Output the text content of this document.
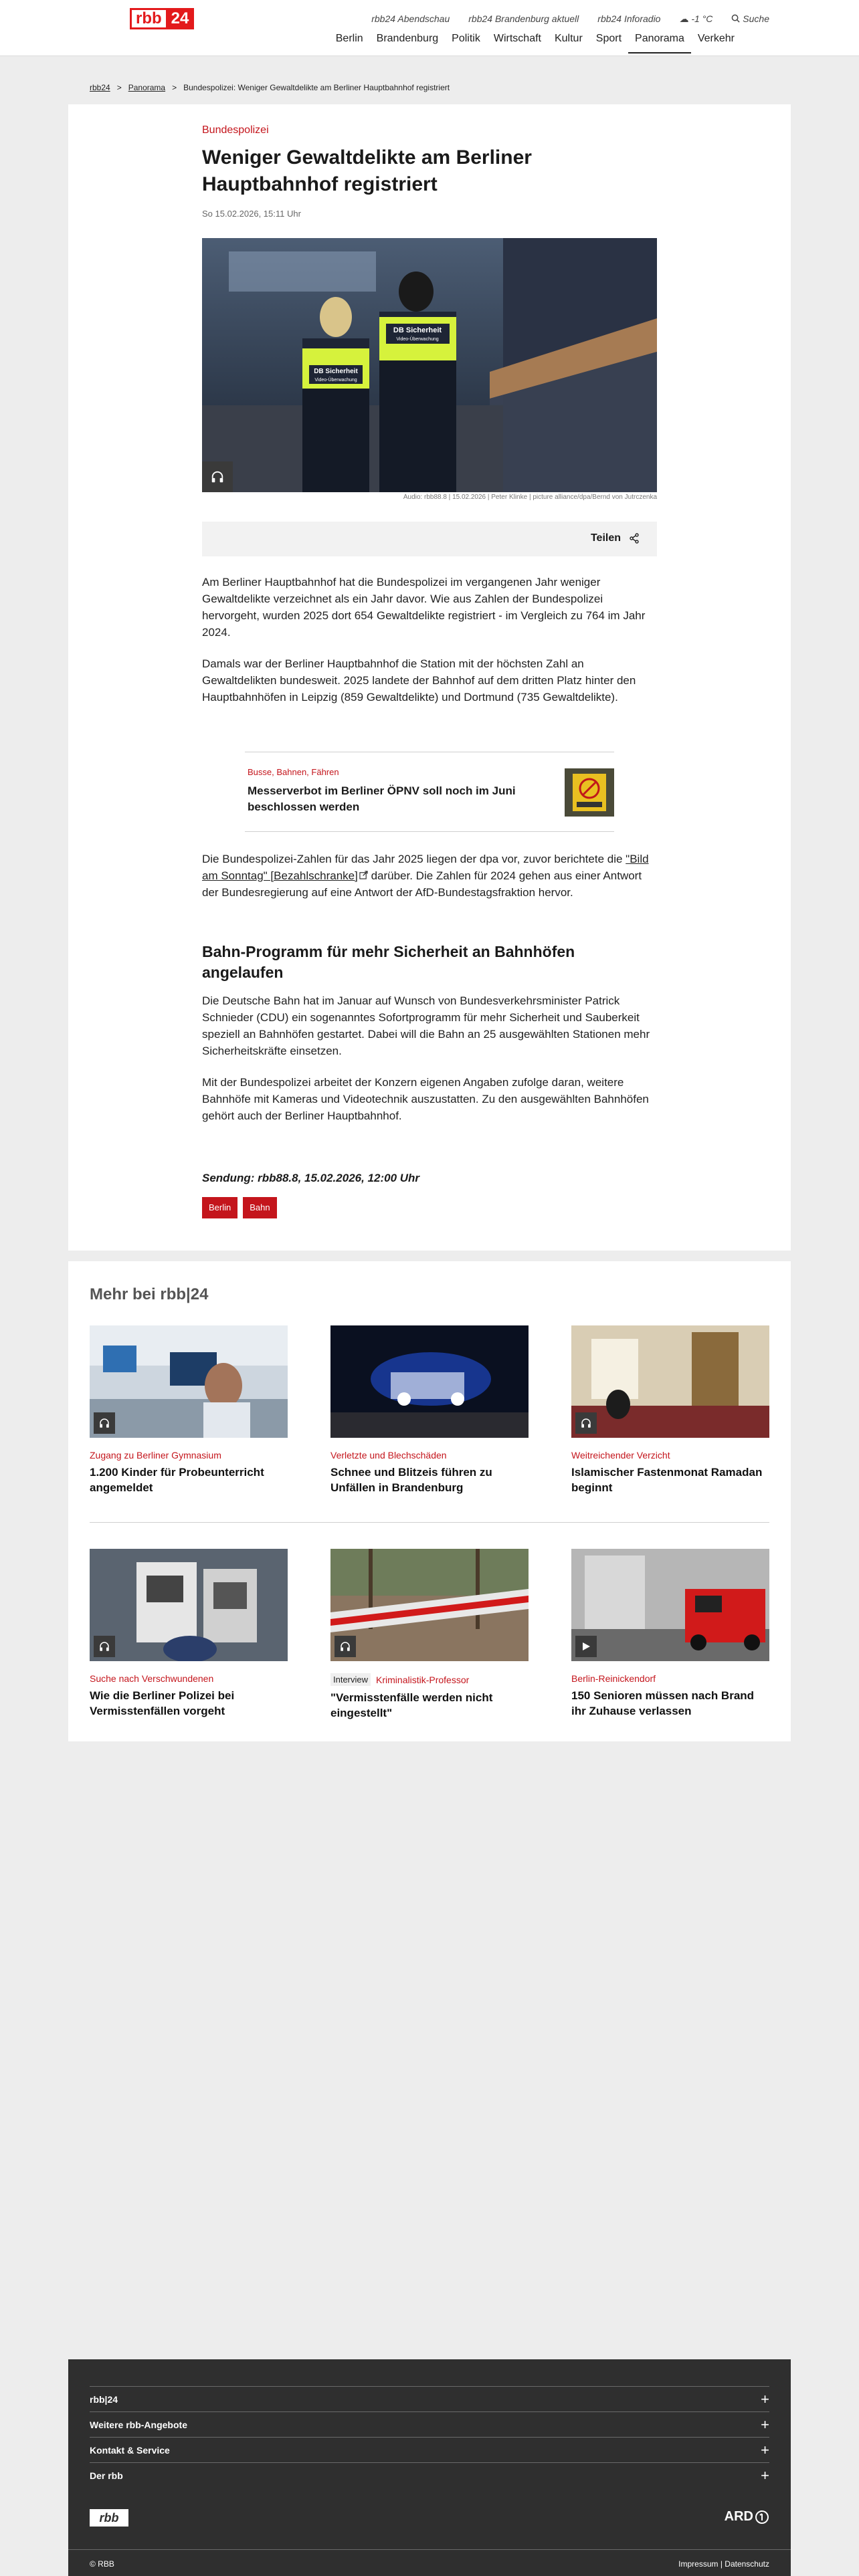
rbb 24	rbb24 Abendschau rbb24 Brandenburg aktuell rbb24 Inforadio ☁ -1 °C	Suche
Berlin	Brandenburg	Politik	Wirtschaft	Kultur	Sport	Panorama	Verkehr
rbb24 > Panorama > Bundespolizei: Weniger Gewaltdelikte am Berliner Hauptbahnhof registriert
Bundespolizei
Weniger Gewaltdelikte am Berliner Hauptbahnhof registriert
So 15.02.2026, 15:11 Uhr
DB Sicherheit
Video-Überwachung
DB Sicherheit
Video-Überwachung
Audio: rbb88.8 | 15.02.2026 | Peter Klinke | picture alliance/dpa/Bernd von Jutrczenka
Teilen

Am Berliner Hauptbahnhof hat die Bundespolizei im vergangenen Jahr weniger Gewaltdelikte verzeichnet als ein Jahr davor. Wie aus Zahlen der Bundespolizei hervorgeht, wurden 2025 dort 654 Gewaltdelikte registriert - im Vergleich zu 764 im Jahr 2024.

Damals war der Berliner Hauptbahnhof die Station mit der höchsten Zahl an Gewaltdelikten bundesweit. 2025 landete der Bahnhof auf dem dritten Platz hinter den Hauptbahnhöfen in Leipzig (859 Gewaltdelikte) und Dortmund (735 Gewaltdelikte).

Busse, Bahnen, Fähren
Messerverbot im Berliner ÖPNV soll noch im Juni beschlossen werden

Die Bundespolizei-Zahlen für das Jahr 2025 liegen der dpa vor, zuvor berichtete die "Bild am Sonntag" [Bezahlschranke] darüber. Die Zahlen für 2024 gehen aus einer Antwort der Bundesregierung auf eine Antwort der AfD-Bundestagsfraktion hervor.

Bahn-Programm für mehr Sicherheit an Bahnhöfen angelaufen

Die Deutsche Bahn hat im Januar auf Wunsch von Bundesverkehrsminister Patrick Schnieder (CDU) ein sogenanntes Sofortprogramm für mehr Sicherheit und Sauberkeit speziell an Bahnhöfen gestartet. Dabei will die Bahn an 25 ausgewählten Stationen mehr Sicherheitskräfte einsetzen.

Mit der Bundespolizei arbeitet der Konzern eigenen Angaben zufolge daran, weitere Bahnhöfe mit Kameras und Videotechnik auszustatten. Zu den ausgewählten Bahnhöfen gehört auch der Berliner Hauptbahnhof.

Sendung: rbb88.8, 15.02.2026, 12:00 Uhr
Berlin	Bahn
Mehr bei rbb|24
Zugang zu Berliner Gymnasium
1.200 Kinder für Probeunterricht angemeldet
Verletzte und Blechschäden
Schnee und Blitzeis führen zu Unfällen in Brandenburg
Weitreichender Verzicht
Islamischer Fastenmonat Ramadan beginnt
Suche nach Verschwundenen
Wie die Berliner Polizei bei Vermisstenfällen vorgeht
Interview Kriminalistik-Professor
"Vermisstenfälle werden nicht eingestellt"
Berlin-Reinickendorf
150 Senioren müssen nach Brand ihr Zuhause verlassen
rbb|24	+
Weitere rbb-Angebote	+
Kontakt & Service	+
Der rbb	+
rbb	ARD
© RBB	Impressum | Datenschutz
